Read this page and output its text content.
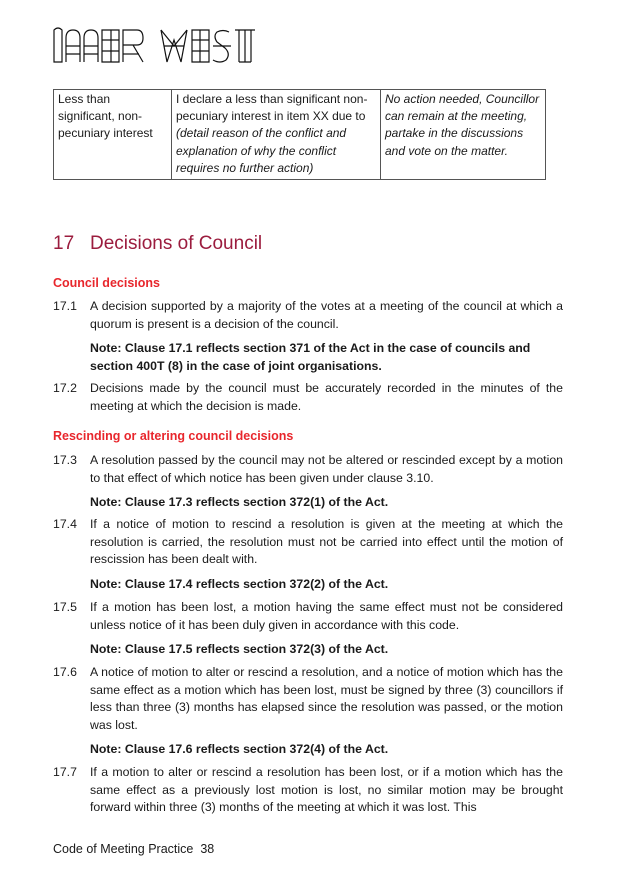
Less than significant, non-pecuniary interest	I declare a less than significant non-pecuniary interest in item XX due to (detail reason of the conflict and explanation of why the conflict requires no further action)	No action needed, Councillor can remain at the meeting, partake in the discussions and vote on the matter.
17 Decisions of Council
Council decisions
17.1 A decision supported by a majority of the votes at a meeting of the council at which a quorum is present is a decision of the council.
Note: Clause 17.1 reflects section 371 of the Act in the case of councils and section 400T (8) in the case of joint organisations.
17.2 Decisions made by the council must be accurately recorded in the minutes of the meeting at which the decision is made.
Rescinding or altering council decisions
17.3 A resolution passed by the council may not be altered or rescinded except by a motion to that effect of which notice has been given under clause 3.10.
Note: Clause 17.3 reflects section 372(1) of the Act.
17.4 If a notice of motion to rescind a resolution is given at the meeting at which the resolution is carried, the resolution must not be carried into effect until the motion of rescission has been dealt with.
Note: Clause 17.4 reflects section 372(2) of the Act.
17.5 If a motion has been lost, a motion having the same effect must not be considered unless notice of it has been duly given in accordance with this code.
Note: Clause 17.5 reflects section 372(3) of the Act.
17.6 A notice of motion to alter or rescind a resolution, and a notice of motion which has the same effect as a motion which has been lost, must be signed by three (3) councillors if less than three (3) months has elapsed since the resolution was passed, or the motion was lost.
Note: Clause 17.6 reflects section 372(4) of the Act.
17.7 If a motion to alter or rescind a resolution has been lost, or if a motion which has the same effect as a previously lost motion is lost, no similar motion may be brought forward within three (3) months of the meeting at which it was lost. This
Code of Meeting Practice 38
